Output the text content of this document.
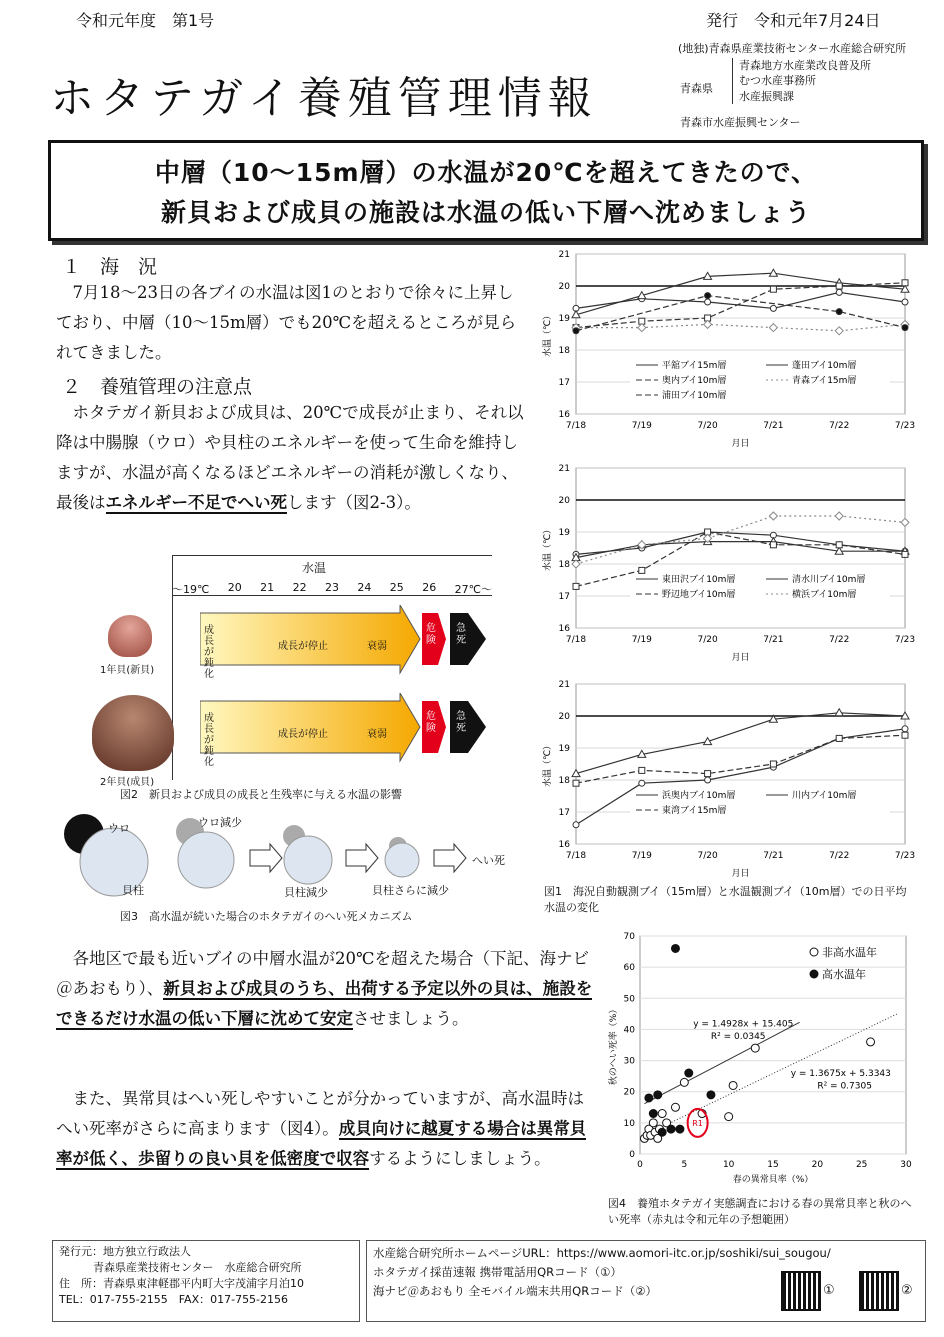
令和元年度　第1号	発行　令和元年7月24日
ホタテガイ養殖管理情報
(地独)青森県産業技術センター水産総合研究所
青森県
青森地方水産業改良普及所
むつ水産事務所
水産振興課
青森市水産振興センター
中層（10〜15m層）の水温が20℃を超えてきたので、
新貝および成貝の施設は水温の低い下層へ沈めましょう
１　海　況
　7月18〜23日の各ブイの水温は図1のとおりで徐々に上昇しており、中層（10〜15m層）でも20℃を超えるところが見られてきました。
２　養殖管理の注意点
　ホタテガイ新貝および成貝は、20℃で成長が止まり、それ以降は中腸腺（ウロ）や貝柱のエネルギーを使って生命を維持しますが、水温が高くなるほどエネルギーの消耗が激しくなり、最後はエネルギー不足でへい死します（図2-3）。
水温
〜19℃ 20 21 22 23 24 25 26 27℃〜
1年貝(新貝)
成長が鈍化
成長が停止	衰弱
危険
急死
2年貝(成貝)
成長が鈍化
成長が停止	衰弱
危険
急死
図2　新貝および成貝の成長と生残率に与える水温の影響
ウロ
貝柱
ウロ減少
貝柱減少	貝柱さらに減少
へい死
図3　高水温が続いた場合のホタテガイのへい死メカニズム
　各地区で最も近いブイの中層水温が20℃を超えた場合（下記、海ナビ＠あおもり）、新貝および成貝のうち、出荷する予定以外の貝は、施設をできるだけ水温の低い下層に沈めて安定させましょう。
　また、異常貝はへい死しやすいことが分かっていますが、高水温時はへい死率がさらに高まります（図4）。成貝向けに越夏する場合は異常貝率が低く、歩留りの良い貝を低密度で収容するようにしましょう。
16
17
18
19
20
21
7/18	7/19	7/20	7/21	7/22	7/23
月日
水温（℃）
平舘ブイ15m層	蓬田ブイ10m層
奥内ブイ10m層	青森ブイ15m層
浦田ブイ10m層
16
17
18
19
20
21
7/18	7/19	7/20	7/21	7/22	7/23
月日
水温（℃）
東田沢ブイ10m層	清水川ブイ10m層
野辺地ブイ10m層	横浜ブイ10m層
16
17
18
19
20
21
7/18	7/19	7/20	7/21	7/22	7/23
月日
水温（℃）
浜奥内ブイ10m層	川内ブイ10m層
東湾ブイ15m層
図1　海況自動観測ブイ（15m層）と水温観測ブイ（10m層）での日平均水温の変化
0
10
20
30
40
50
60
70
0	5	10	15	20	25	30
春の異常貝率（%）
秋のへい死率（%）
非高水温年
高水温年
y = 1.4928x + 15.405
R² = 0.0345
y = 1.3675x + 5.3343
R² = 0.7305
R1
図4　養殖ホタテガイ実態調査における春の異常貝率と秋のへい死率（赤丸は令和元年の予想範囲）
発行元：地方独立行政法人
青森県産業技術センター　水産総合研究所
住　所：青森県東津軽郡平内町大字茂浦字月泊10
TEL：017-755-2155　FAX：017-755-2156
水産総合研究所ホームページURL：https://www.aomori-itc.or.jp/soshiki/sui_sougou/
ホタテガイ採苗速報 携帯電話用QRコード（①）
海ナビ＠あおもり 全モバイル端末共用QRコード（②）	①	②
